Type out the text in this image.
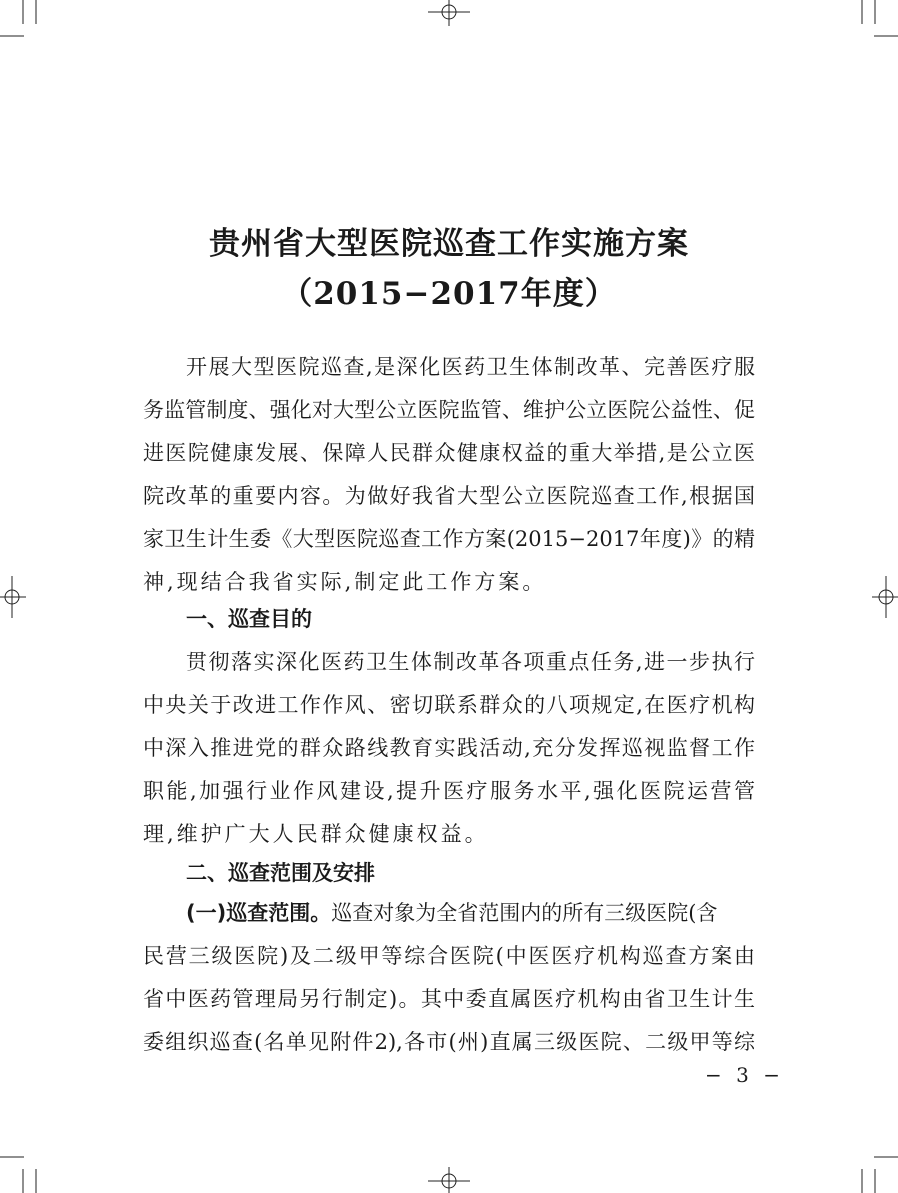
贵州省大型医院巡查工作实施方案
（2015−2017年度）
开展大型医院巡查,是深化医药卫生体制改革、完善医疗服
务监管制度、强化对大型公立医院监管、维护公立医院公益性、促
进医院健康发展、保障人民群众健康权益的重大举措,是公立医
院改革的重要内容。为做好我省大型公立医院巡查工作,根据国
家卫生计生委《大型医院巡查工作方案(2015−2017年度)》的精
神,现结合我省实际,制定此工作方案。
一、巡查目的
贯彻落实深化医药卫生体制改革各项重点任务,进一步执行
中央关于改进工作作风、密切联系群众的八项规定,在医疗机构
中深入推进党的群众路线教育实践活动,充分发挥巡视监督工作
职能,加强行业作风建设,提升医疗服务水平,强化医院运营管
理,维护广大人民群众健康权益。
二、巡查范围及安排
(一)巡查范围。巡查对象为全省范围内的所有三级医院(含
民营三级医院)及二级甲等综合医院(中医医疗机构巡查方案由
省中医药管理局另行制定)。其中委直属医疗机构由省卫生计生
委组织巡查(名单见附件2),各市(州)直属三级医院、二级甲等综
− 3 −
